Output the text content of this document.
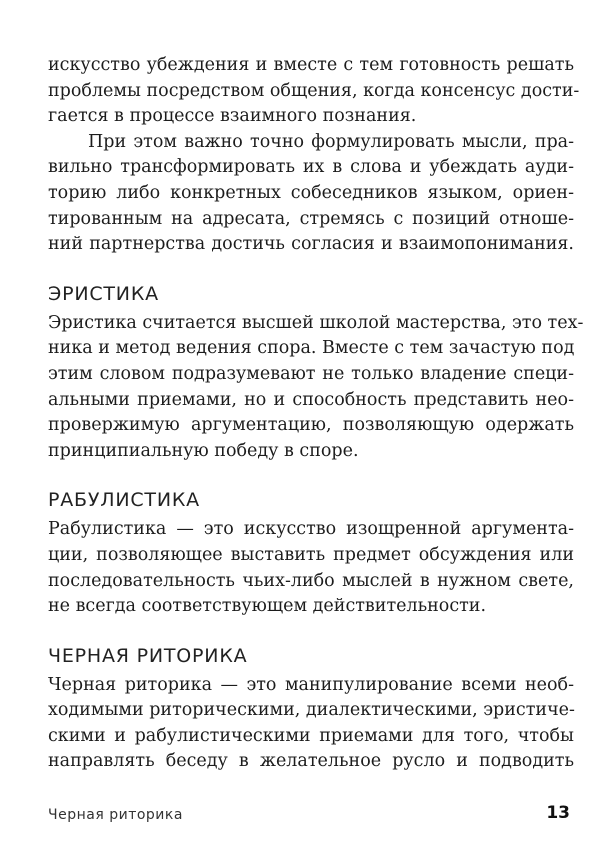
искусство убеждения и вместе с тем готовность решать
проблемы посредством общения, когда консенсус дости-
гается в процессе взаимного познания.
При этом важно точно формулировать мысли, пра-
вильно трансформировать их в слова и убеждать ауди-
торию либо конкретных собеседников языком, ориен-
тированным на адресата, стремясь с позиций отноше-
ний партнерства достичь согласия и взаимопонимания.
ЭРИСТИКА
Эристика считается высшей школой мастерства, это тех-
ника и метод ведения спора. Вместе с тем зачастую под
этим словом подразумевают не только владение специ-
альными приемами, но и способность представить нео-
провержимую аргументацию, позволяющую одержать
принципиальную победу в споре.
РАБУЛИСТИКА
Рабулистика — это искусство изощренной аргумента-
ции, позволяющее выставить предмет обсуждения или
последовательность чьих-либо мыслей в нужном свете,
не всегда соответствующем действительности.
ЧЕРНАЯ РИТОРИКА
Черная риторика — это манипулирование всеми необ-
ходимыми риторическими, диалектическими, эристиче-
скими и рабулистическими приемами для того, чтобы
направлять беседу в желательное русло и подводить
Черная риторика	13
